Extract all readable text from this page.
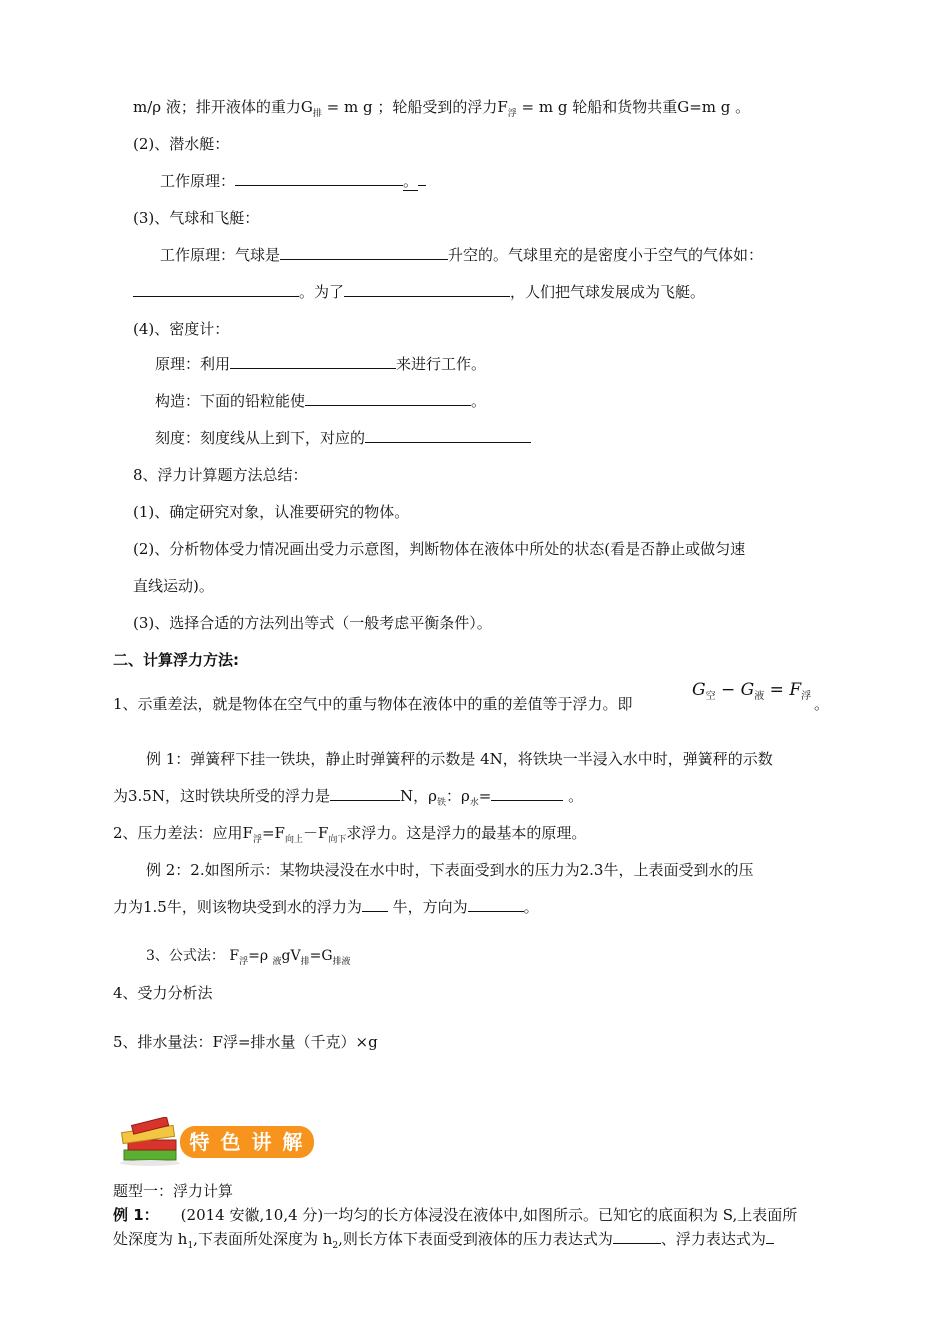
m/ρ 液；排开液体的重力$G_排 = m$ g ；轮船受到的浮力$F_浮 = m$ g 轮船和货物共重G=m g 。
(2)、潜水艇：
工作原理：	。
(3)、气球和飞艇：
工作原理：气球是	升空的。气球里充的是密度小于空气的气体如：
。为了	，人们把气球发展成为飞艇。
(4)、密度计：
原理：利用	来进行工作。
构造：下面的铅粒能使	。
刻度：刻度线从上到下，对应的
8、浮力计算题方法总结：
(1)、确定研究对象，认准要研究的物体。
(2)、分析物体受力情况画出受力示意图，判断物体在液体中所处的状态(看是否静止或做匀速
直线运动)。
(3)、选择合适的方法列出等式（一般考虑平衡条件）。
二、计算浮力方法:
1、示重差法，就是物体在空气中的重与物体在液体中的重的差值等于浮力。即
$G_空 - G_液 = F_浮$ 。
例 1：弹簧秤下挂一铁块，静止时弹簧秤的示数是 4N，将铁块一半浸入水中时，弹簧秤的示数
为3.5N，这时铁块所受的浮力是	N，$\rho_铁$：$\rho_水=$	。
2、压力差法：应用$F_浮=F_{向上}-F_{向下}$求浮力。这是浮力的最基本的原理。
例 2：2.如图所示：某物块浸没在水中时，下表面受到水的压力为2.3牛，上表面受到水的压
力为1.5牛，则该物块受到水的浮力为 牛，方向为	。
3、公式法： $F_浮=\rho$ $_液gV_排=G_{排液}$
4、受力分析法
5、排水量法：F浮=排水量（千克）×g
特 色 讲 解
题型一：浮力计算
例 1： (2014 安徽,10,4 分)一均匀的长方体浸没在液体中,如图所示。已知它的底面积为 S,上表面所
处深度为 $h_1$,下表面所处深度为 $h_2$,则长方体下表面受到液体的压力表达式为	、浮力表达式为
